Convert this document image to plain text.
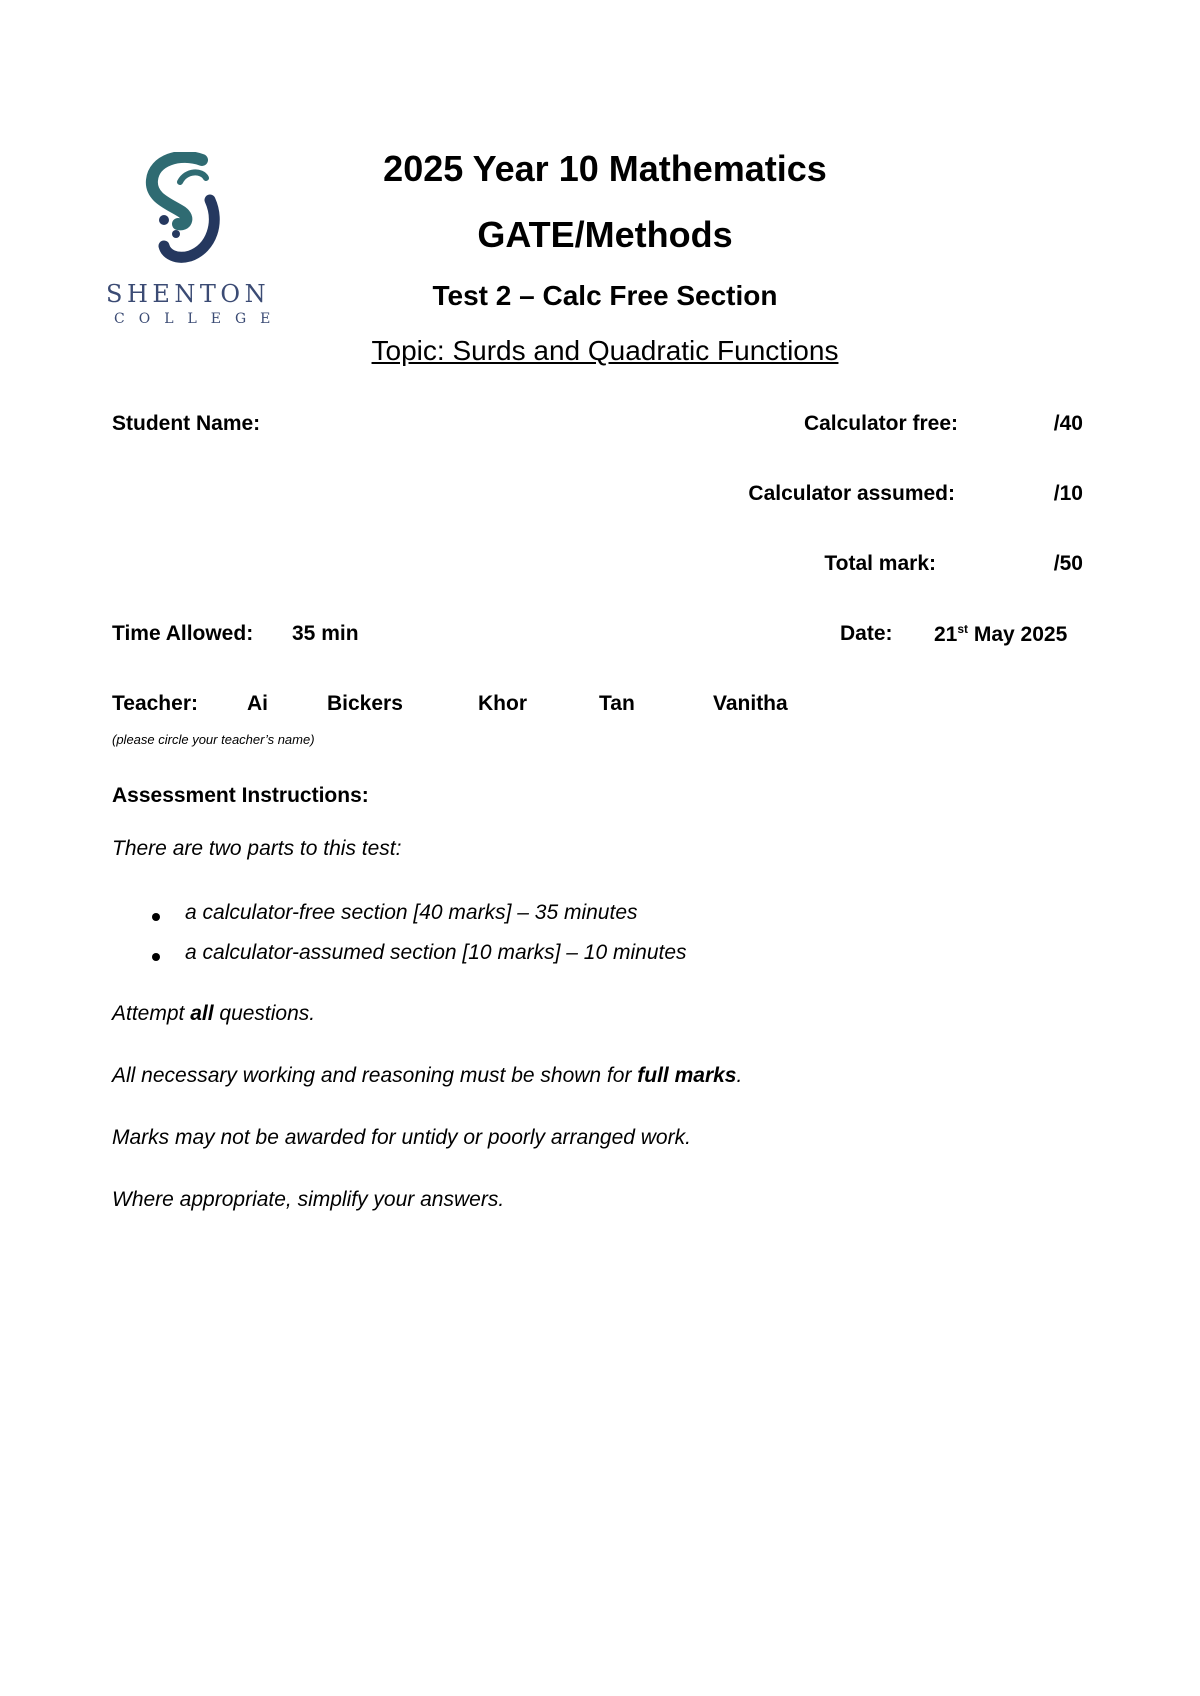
SHENTON
COLLEGE
2025 Year 10 Mathematics
GATE/Methods
Test 2 – Calc Free Section
Topic: Surds and Quadratic Functions
Student Name:	Calculator free:	/40
Calculator assumed:	/10
Total mark:	/50
Time Allowed: 35 min	Date: 21st May 2025
Teacher: Ai	Bickers	Khor	Tan	Vanitha
(please circle your teacher’s name)
Assessment Instructions:
There are two parts to this test:
a calculator-free section [40 marks] – 35 minutes
a calculator-assumed section [10 marks] – 10 minutes
Attempt all questions.
All necessary working and reasoning must be shown for full marks.
Marks may not be awarded for untidy or poorly arranged work.
Where appropriate, simplify your answers.
